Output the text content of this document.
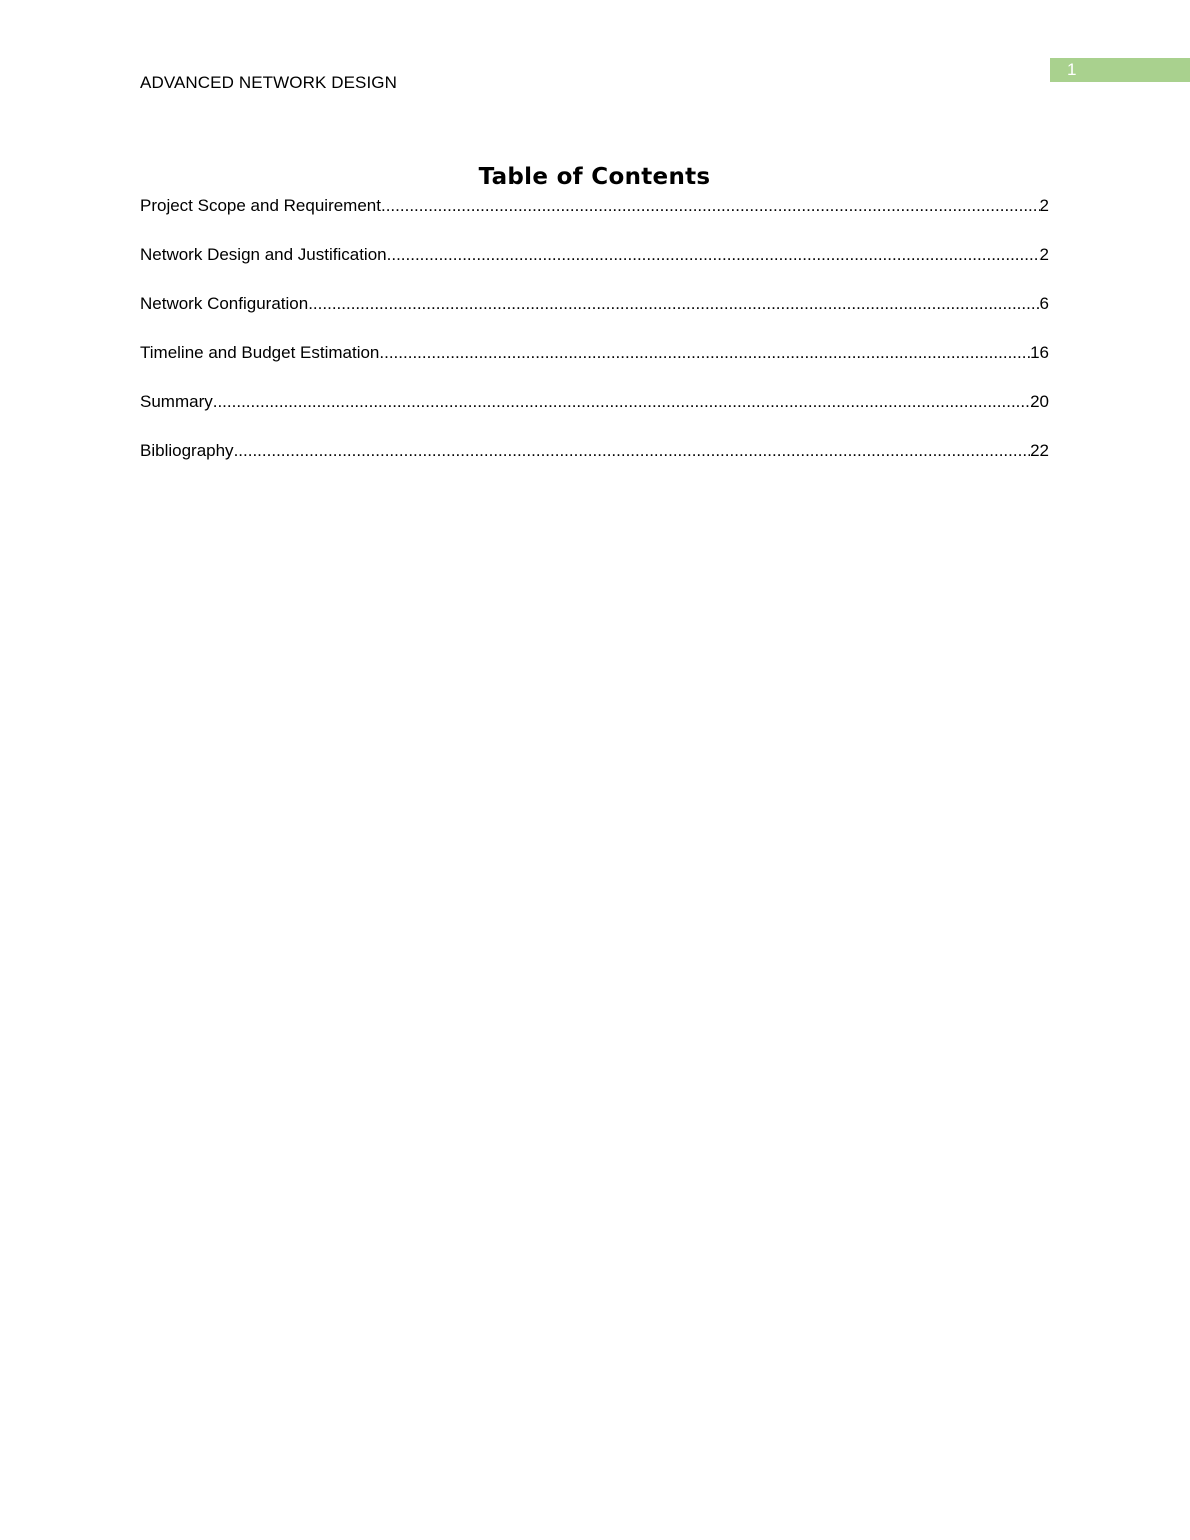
1
ADVANCED NETWORK DESIGN
Table of Contents
Project Scope and Requirement .....	2
Network Design and Justification .....	2
Network Configuration .....	6
Timeline and Budget Estimation .....	16
Summary .....	20
Bibliography .....	22
